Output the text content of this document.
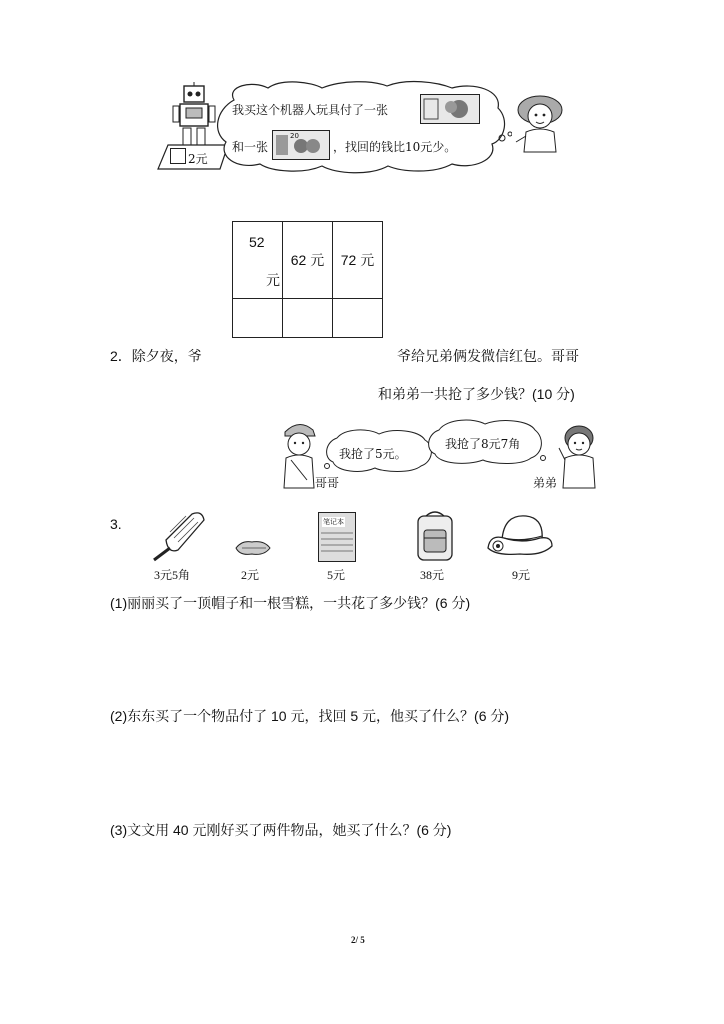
2元
我买这个机器人玩具付了一张
和一张
20
，找回的钱比10元少。
52
元	62 元	72 元

2．除夕夜，爷	爷给兄弟俩发微信红包。哥哥
和弟弟一共抢了多少钱？(10 分)
哥哥
我抢了5元。
我抢了8元7角
弟弟
3.
3元5角	2元
笔记本
5元	38元	9元
(1)丽丽买了一顶帽子和一根雪糕，一共花了多少钱？(6 分)
(2)东东买了一个物品付了 10 元，找回 5 元，他买了什么？(6 分)
(3)文文用 40 元刚好买了两件物品，她买了什么？(6 分)
2/ 5
